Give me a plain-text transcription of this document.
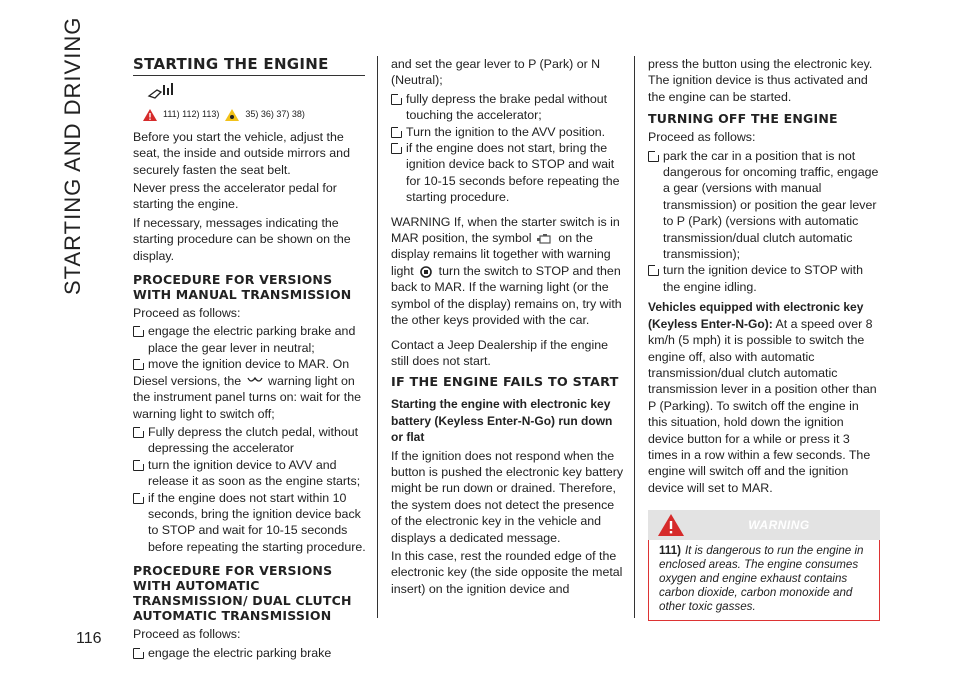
STARTING AND DRIVING
116
STARTING THE ENGINE
111) 112) 113)	35) 36) 37) 38)

Before you start the vehicle, adjust the seat, the inside and outside mirrors and securely fasten the seat belt.

Never press the accelerator pedal for starting the engine.

If necessary, messages indicating the starting procedure can be shown on the display.

PROCEDURE FOR VERSIONS WITH MANUAL TRANSMISSION

Proceed as follows:

engage the electric parking brake and place the gear lever in neutral;
move the ignition device to MAR. On

Diesel versions, the warning light on the instrument panel turns on: wait for the warning light to switch off;

Fully depress the clutch pedal, without depressing the accelerator
turn the ignition device to AVV and release it as soon as the engine starts;
if the engine does not start within 10 seconds, bring the ignition device back to STOP and wait for 10-15 seconds before repeating the starting procedure.
PROCEDURE FOR VERSIONS WITH AUTOMATIC TRANSMISSION/ DUAL CLUTCH AUTOMATIC TRANSMISSION

Proceed as follows:

engage the electric parking brake

and set the gear lever to P (Park) or N (Neutral);

fully depress the brake pedal without touching the accelerator;
Turn the ignition to the AVV position.
if the engine does not start, bring the ignition device back to STOP and wait for 10-15 seconds before repeating the starting procedure.

WARNING If, when the starter switch is in MAR position, the symbol on the display remains lit together with warning light turn the switch to STOP and then back to MAR. If the warning light (or the symbol of the display) remains on, try with the other keys provided with the car.

Contact a Jeep Dealership if the engine still does not start.

IF THE ENGINE FAILS TO START
Starting the engine with electronic key battery (Keyless Enter-N-Go) run down or flat

If the ignition does not respond when the button is pushed the electronic key battery might be run down or drained. Therefore, the system does not detect the presence of the electronic key in the vehicle and displays a dedicated message.

In this case, rest the rounded edge of the electronic key (the side opposite the metal insert) on the ignition device and

press the button using the electronic key. The ignition device is thus activated and the engine can be started.

TURNING OFF THE ENGINE

Proceed as follows:

park the car in a position that is not dangerous for oncoming traffic, engage a gear (versions with manual transmission) or position the gear lever to P (Park) (versions with automatic transmission/dual clutch automatic transmission);
turn the ignition device to STOP with the engine idling.

Vehicles equipped with electronic key (Keyless Enter-N-Go): At a speed over 8 km/h (5 mph) it is possible to switch the engine off, also with automatic transmission/dual clutch automatic transmission lever in a position other than P (Parking). To switch off the engine in this situation, hold down the ignition device button for a while or press it 3 times in a row within a few seconds. The engine will switch off and the ignition device will set to MAR.

WARNING
111) It is dangerous to run the engine in enclosed areas. The engine consumes oxygen and engine exhaust contains carbon dioxide, carbon monoxide and other toxic gasses.
